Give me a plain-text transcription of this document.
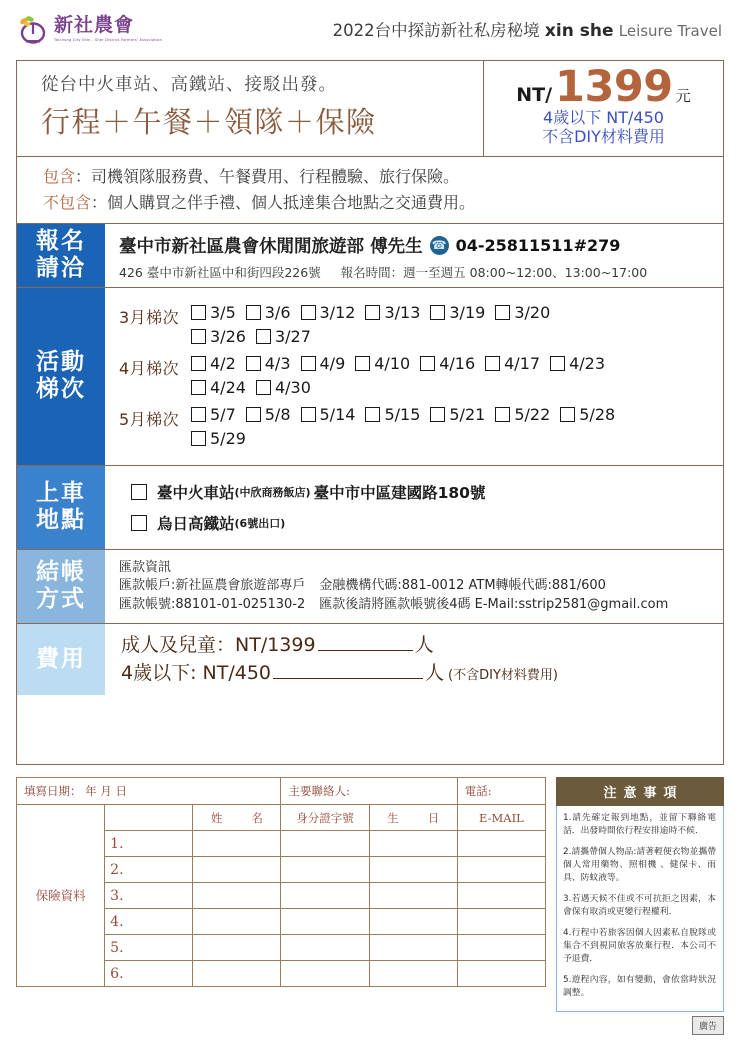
新社農會
Taichung City Shin - Sher District Farmers' Association	2022台中探訪新社私房秘境 xin she Leisure Travel
從台中火車站、高鐵站、接駁出發。
行程＋午餐＋領隊＋保險
NT/ 1399 元
4歲以下 NT/450
不含DIY材料費用
包含：司機領隊服務費、午餐費用、行程體驗、旅行保險。
不包含：個人購買之伴手禮、個人抵達集合地點之交通費用。
報名
請洽
臺中市新社區農會休閒閒旅遊部 傅先生 ☎ 04-25811511#279
426 臺中市新社區中和街四段226號 報名時間：週一至週五 08:00~12:00、13:00~17:00
活動
梯次
3月梯次	3/5 3/6 3/12 3/13 3/19 3/20
3/26 3/27
4月梯次	4/2 4/3 4/9 4/10 4/16 4/17 4/23
4/24 4/30
5月梯次	5/7 5/8 5/14 5/15 5/21 5/22 5/28
5/29
上車
地點
臺中火車站 (中欣商務飯店) 臺中市中區建國路180號
烏日高鐵站 (6號出口)
結帳
方式
匯款資訊
匯款帳戶:新社區農會旅遊部專戶 金融機構代碼:881-0012 ATM轉帳代碼:881/600
匯款帳號:88101-01-025130-2 匯款後請將匯款帳號後4碼 E-Mail:sstrip2581@gmail.com
費用
成人及兒童：NT/1399	人
4歲以下: NT/450	人 (不含DIY材料費用)
填寫日期： 年 月 日			主要聯絡人:		電話:
保險資料		姓 名	身分證字號	生 日	E-MAIL
	1.				
	2.				
	3.				
	4.				
	5.				
	6.				
注意事項
1.請先確定報到地點，並留下聯絡電話．出發時間依行程安排逾時不候．
2.請攜帶個人物品:請著輕便衣物並攜帶個人常用藥物、照相機 、健保卡、雨具、防蚊液等。
3.若遇天候不佳或不可抗拒之因素，本會保有取消或更變行程權利．
4.行程中若旅客因個人因素私自脫隊或集合不到視同旅客放棄行程．本公司不予退費．
5.遊程內容，如有變動，會依當時狀況調整。
廣告
